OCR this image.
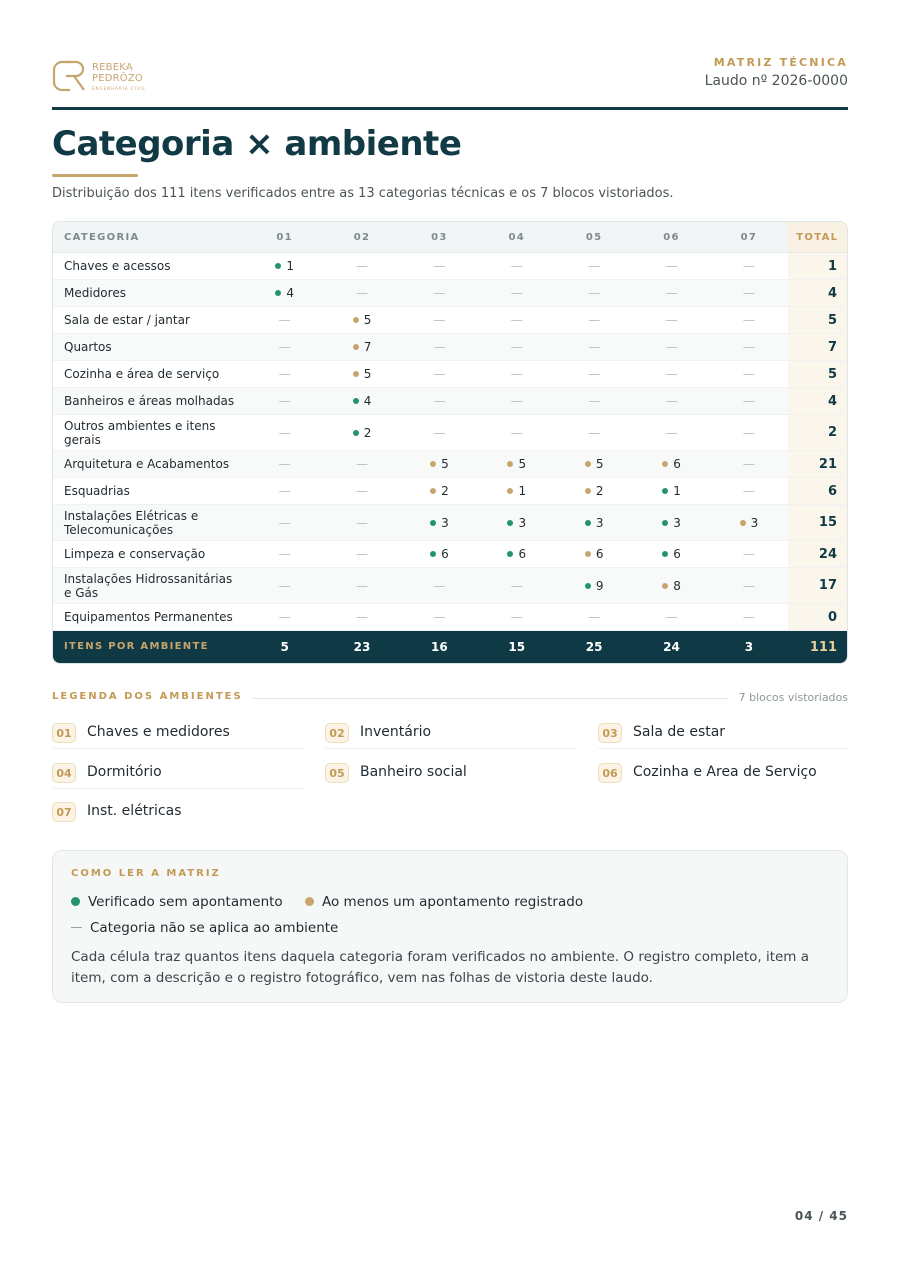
REBEKA
PEDRÔZO
ENGENHARIA CIVIL
MATRIZ TÉCNICA
Laudo nº 2026-0000
Categoria × ambiente
Distribuição dos 111 itens verificados entre as 13 categorias técnicas e os 7 blocos vistoriados.
CATEGORIA	01	02	03	04	05	06	07	TOTAL
Chaves e acessos	1	—	—	—	—	—	—	1
Medidores	4	—	—	—	—	—	—	4
Sala de estar / jantar	—	5	—	—	—	—	—	5
Quartos	—	7	—	—	—	—	—	7
Cozinha e área de serviço	—	5	—	—	—	—	—	5
Banheiros e áreas molhadas	—	4	—	—	—	—	—	4
Outros ambientes e itens gerais	—	2	—	—	—	—	—	2
Arquitetura e Acabamentos	—	—	5	5	5	6	—	21
Esquadrias	—	—	2	1	2	1	—	6
Instalações Elétricas e Telecomunicações	—	—	3	3	3	3	3	15
Limpeza e conservação	—	—	6	6	6	6	—	24
Instalações Hidrossanitárias e Gás	—	—	—	—	9	8	—	17
Equipamentos Permanentes	—	—	—	—	—	—	—	0
ITENS POR AMBIENTE	5	23	16	15	25	24	3	111
LEGENDA DOS AMBIENTES	7 blocos vistoriados
01	Chaves e medidores	02	Inventário	03	Sala de estar
04	Dormitório	05	Banheiro social	06	Cozinha e Area de Serviço
07	Inst. elétricas
COMO LER A MATRIZ
Verificado sem apontamento	Ao menos um apontamento registrado
Categoria não se aplica ao ambiente
Cada célula traz quantos itens daquela categoria foram verificados no ambiente. O registro completo, item a item, com a descrição e o registro fotográfico, vem nas folhas de vistoria deste laudo.
04 / 45
